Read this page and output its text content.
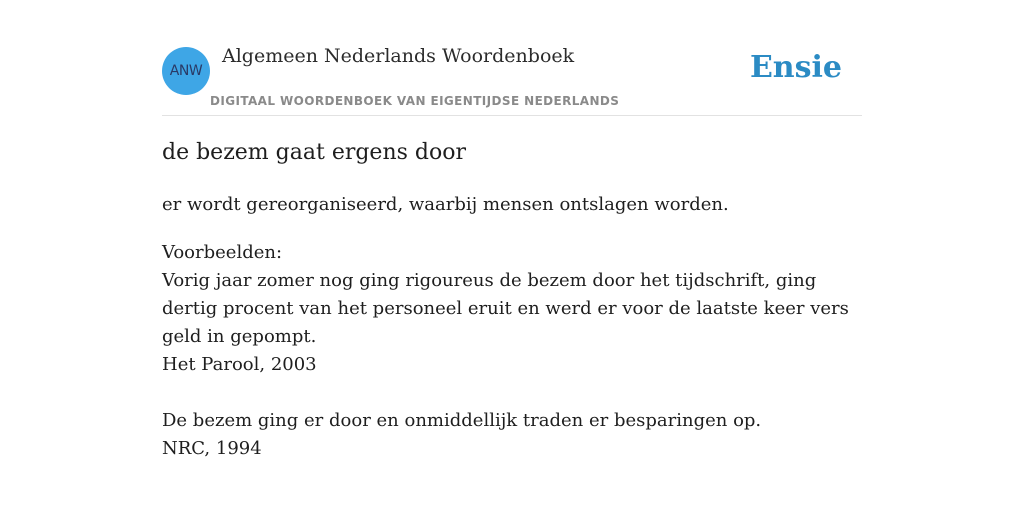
ANW
Algemeen Nederlands Woordenboek
DIGITAAL WOORDENBOEK VAN EIGENTIJDSE NEDERLANDS
Ensie
de bezem gaat ergens door
er wordt gereorganiseerd, waarbij mensen ontslagen worden.
Voorbeelden:
Vorig jaar zomer nog ging rigoureus de bezem door het tijdschrift, ging dertig procent van het personeel eruit en werd er voor de laatste keer vers geld in gepompt.
Het Parool, 2003
De bezem ging er door en onmiddellijk traden er besparingen op.
NRC, 1994
